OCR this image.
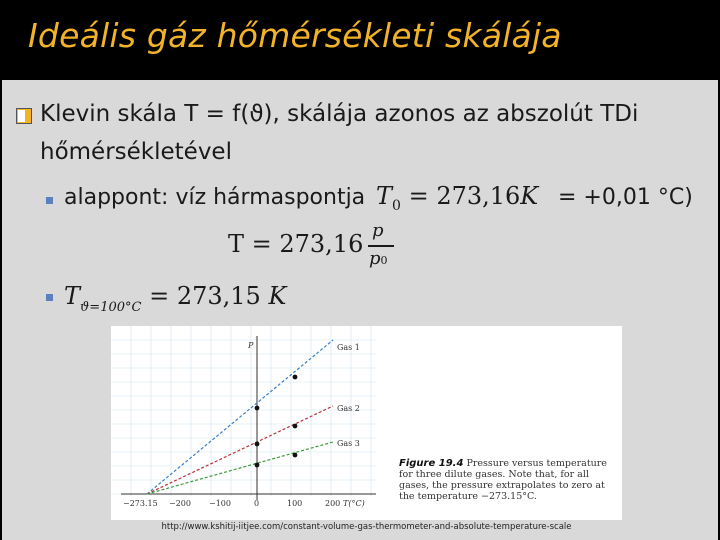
Ideális gáz hőmérsékleti skálája
Klevin skála T = f(ϑ), skálája azonos az abszolút TDi
hőmérsékletével
alappont: víz hármaspontja $T_0 = 273,16K = +0,01$ °C)
T = 273,16 p
p0
$T_{ϑ=100^\circ C} = 273,15$ K
P	Gas 1
Gas 2
Gas 3
−273.15 −200 −100	0	100	200 T(°C)
Figure 19.4 Pressure versus temperature for three dilute gases. Note that, for all gases, the pressure extrapolates to zero at the temperature −273.15°C.
http://www.kshitij-iitjee.com/constant-volume-gas-thermometer-and-absolute-temperature-scale
